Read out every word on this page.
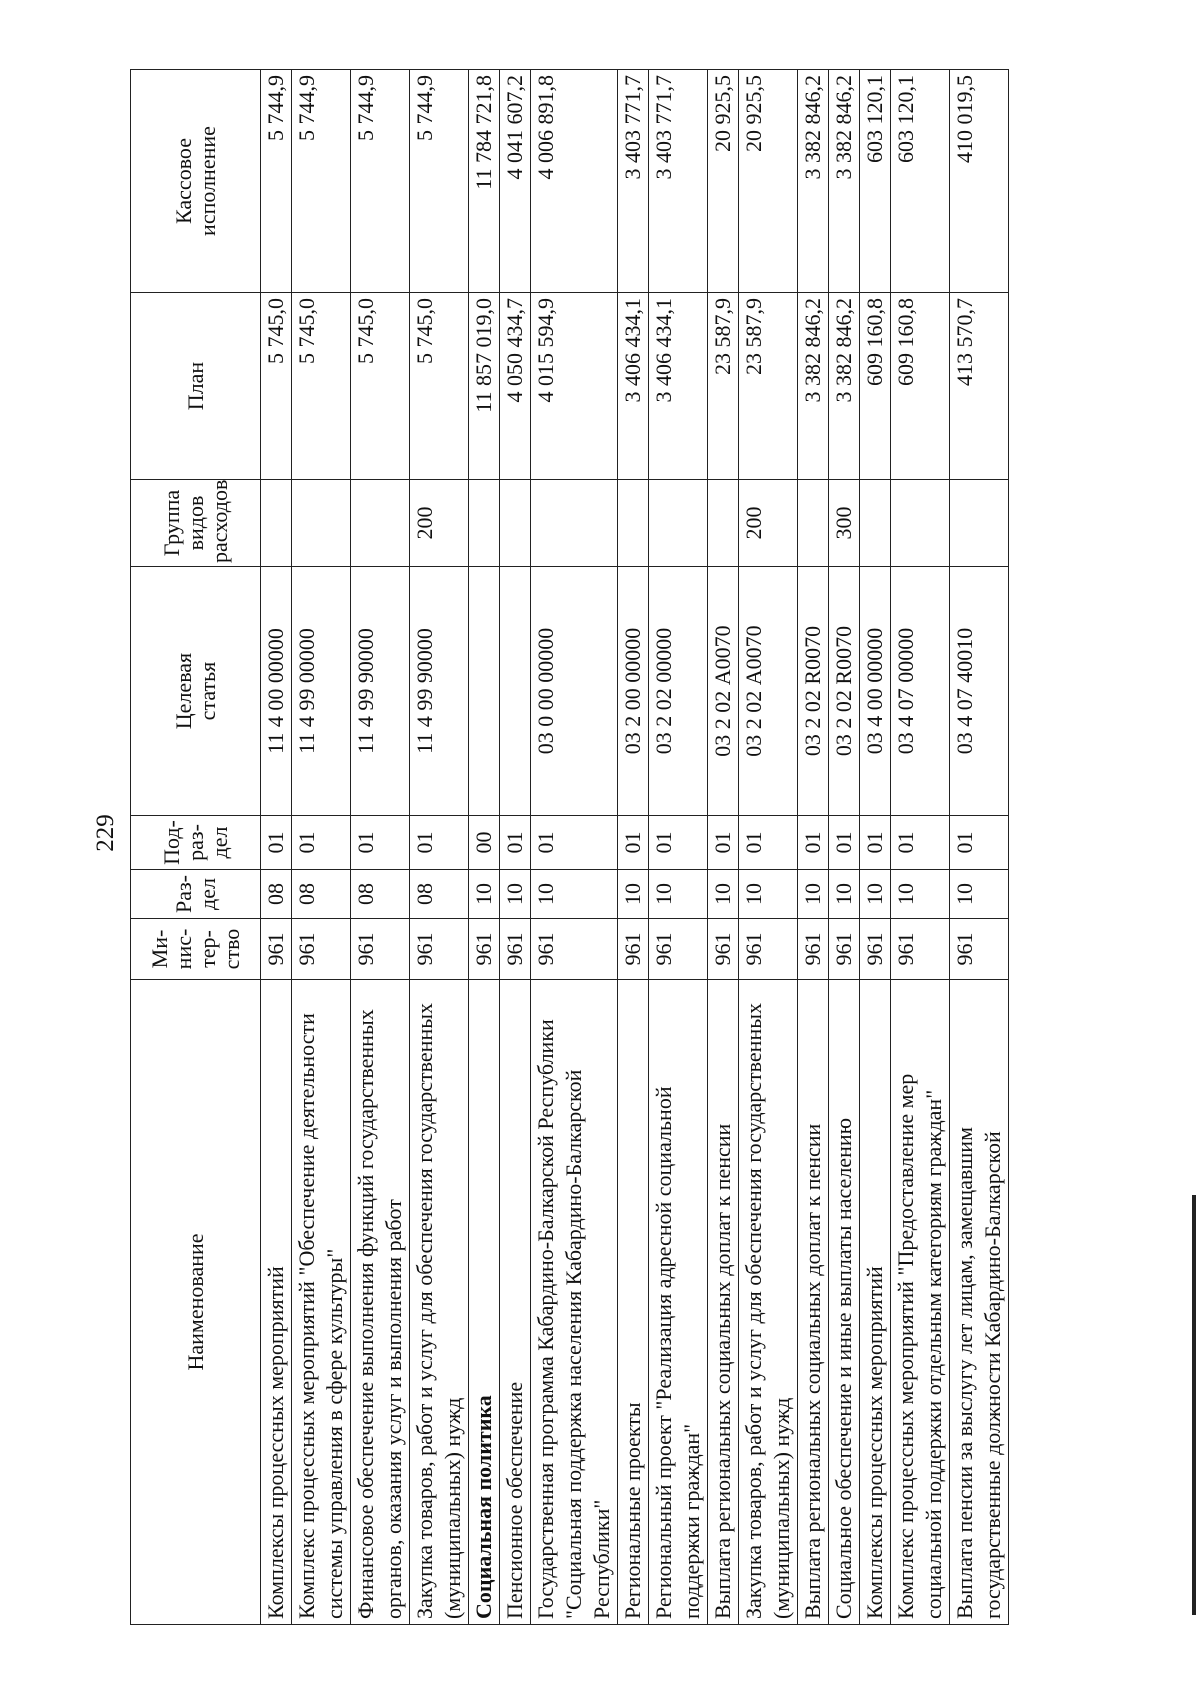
229
Наименование	Ми-
нис-
тер-
ство	Раз-
дел	Под-
раз-
дел	Целевая
статья	Группа
видов
расходов	План	Кассовое
исполнение
Комплексы процессных мероприятий	961	08	01	11 4 00 00000		5 745,0	5 744,9
Комплекс процессных мероприятий "Обеспечение деятельности системы управления в сфере культуры"	961	08	01	11 4 99 00000		5 745,0	5 744,9
Финансовое обеспечение выполнения функций государственных органов, оказания услуг и выполнения работ	961	08	01	11 4 99 90000		5 745,0	5 744,9
Закупка товаров, работ и услуг для обеспечения государственных (муниципальных) нужд	961	08	01	11 4 99 90000	200	5 745,0	5 744,9
Социальная политика	961	10	00			11 857 019,0	11 784 721,8
Пенсионное обеспечение	961	10	01			4 050 434,7	4 041 607,2
Государственная программа Кабардино-Балкарской Республики "Социальная поддержка населения Кабардино-Балкарской Республики"	961	10	01	03 0 00 00000		4 015 594,9	4 006 891,8
Региональные проекты	961	10	01	03 2 00 00000		3 406 434,1	3 403 771,7
Региональный проект "Реализация адресной социальной поддержки граждан"	961	10	01	03 2 02 00000		3 406 434,1	3 403 771,7
Выплата региональных социальных доплат к пенсии	961	10	01	03 2 02 А0070		23 587,9	20 925,5
Закупка товаров, работ и услуг для обеспечения государственных (муниципальных) нужд	961	10	01	03 2 02 А0070	200	23 587,9	20 925,5
Выплата региональных социальных доплат к пенсии	961	10	01	03 2 02 R0070		3 382 846,2	3 382 846,2
Социальное обеспечение и иные выплаты населению	961	10	01	03 2 02 R0070	300	3 382 846,2	3 382 846,2
Комплексы процессных мероприятий	961	10	01	03 4 00 00000		609 160,8	603 120,1
Комплекс процессных мероприятий "Предоставление мер социальной поддержки отдельным категориям граждан"	961	10	01	03 4 07 00000		609 160,8	603 120,1
Выплата пенсии за выслугу лет лицам, замещавшим государственные должности Кабардино-Балкарской	961	10	01	03 4 07 40010		413 570,7	410 019,5
